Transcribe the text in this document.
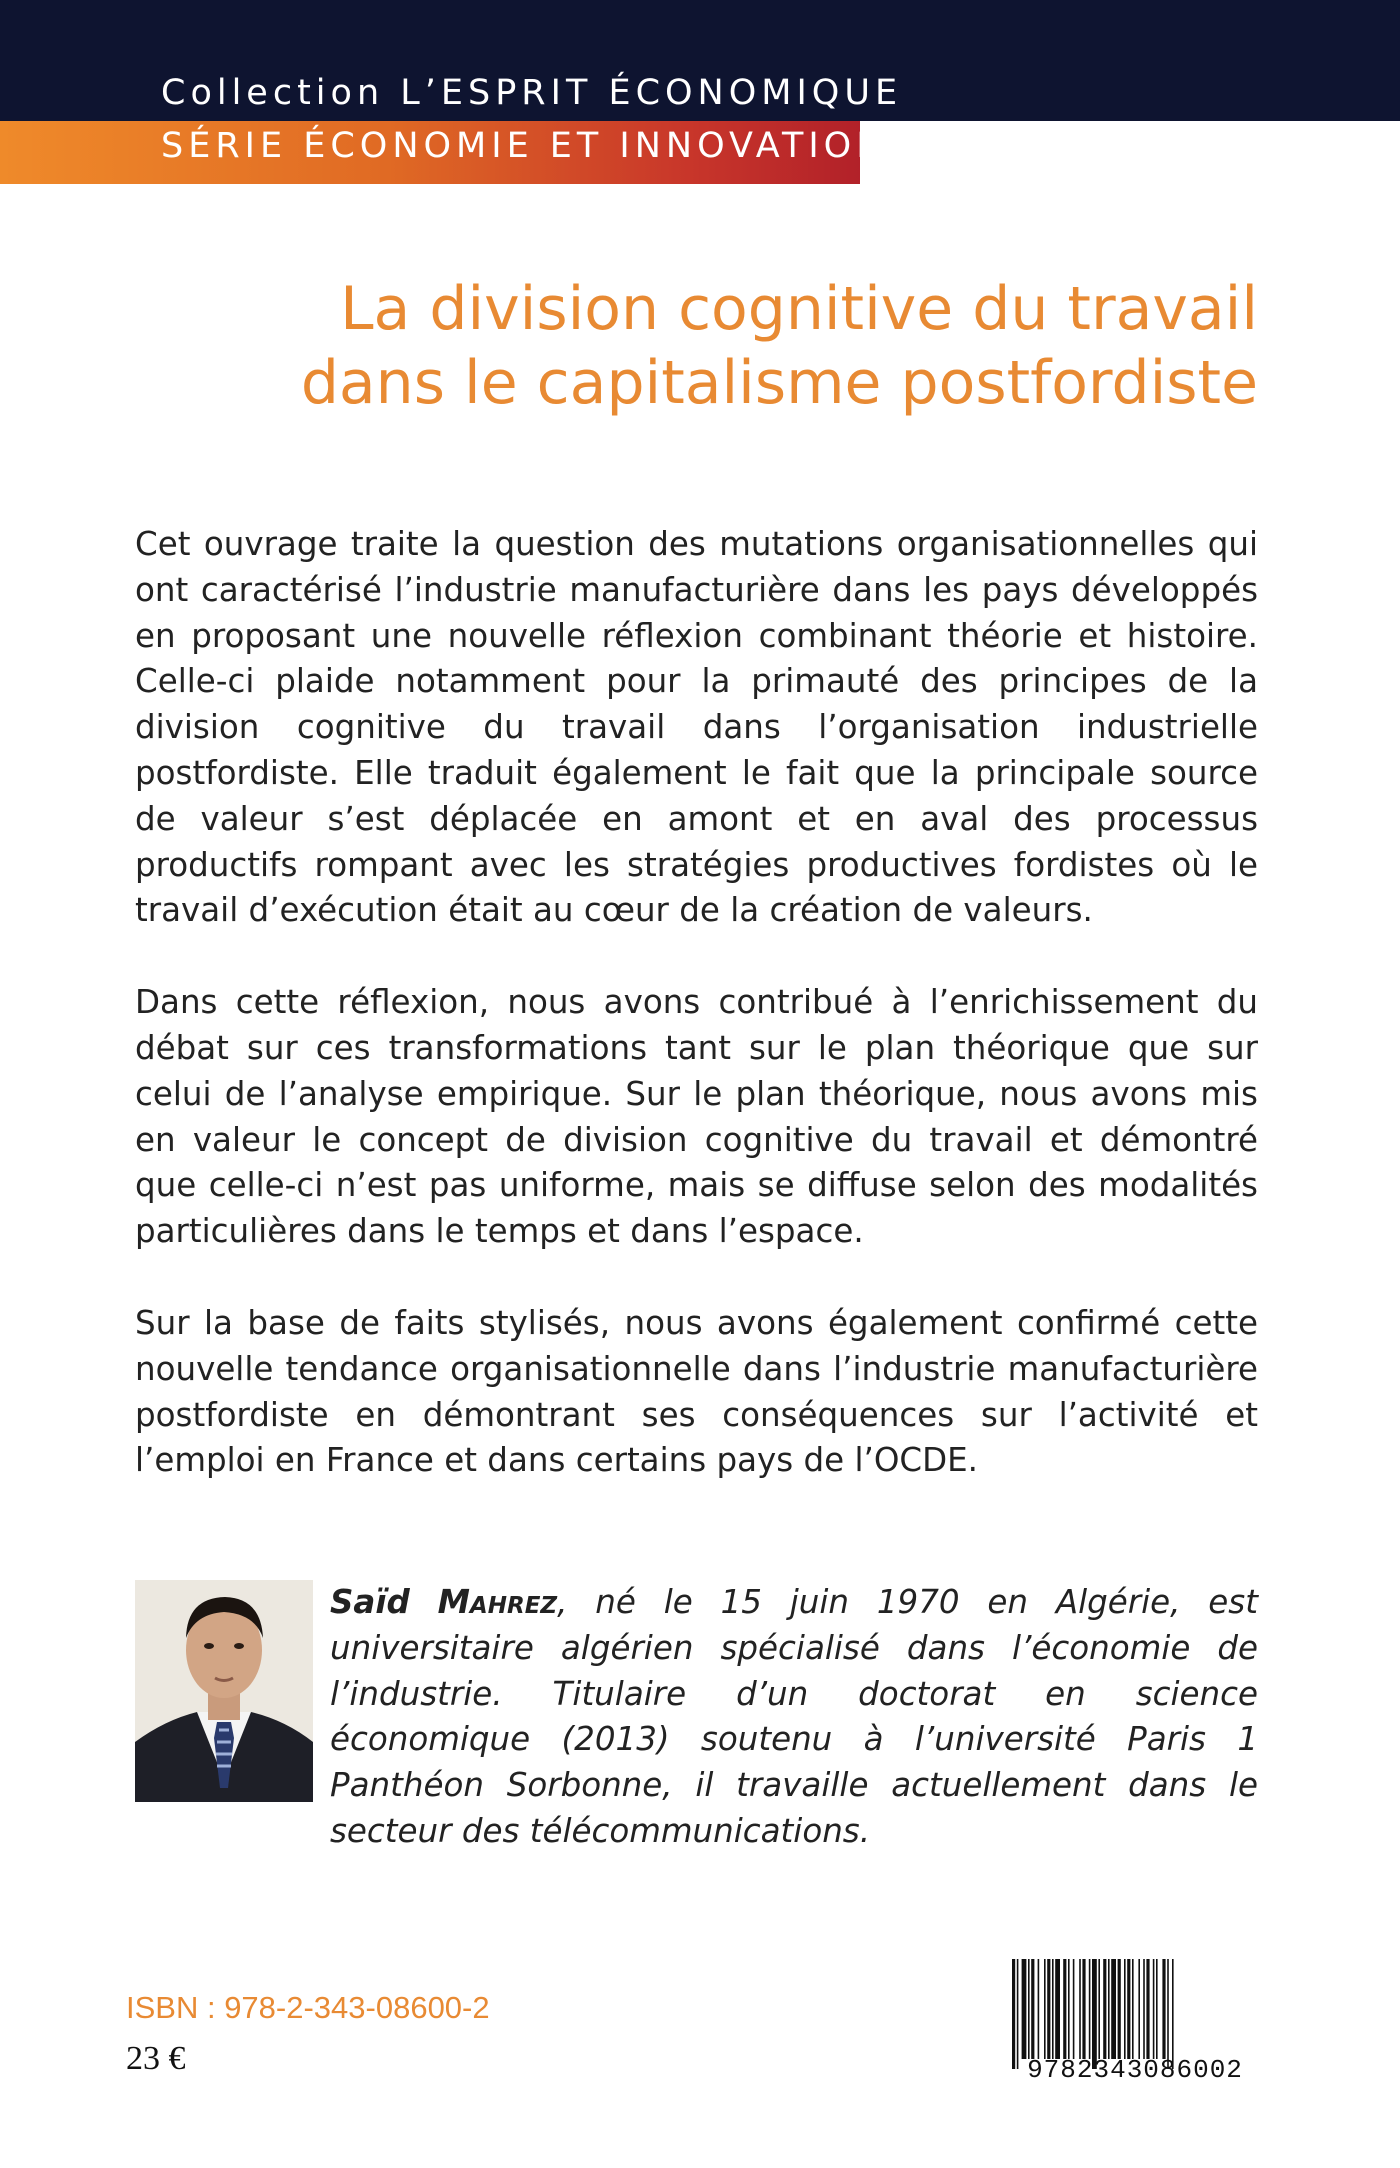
Collection L’ESPRIT ÉCONOMIQUE
SÉRIE ÉCONOMIE ET INNOVATION
La division cognitive du travail
dans le capitalisme postfordiste

Cet ouvrage traite la question des mutations organisationnelles qui ont caractérisé l’industrie manufacturière dans les pays développés en proposant une nouvelle réflexion combinant théorie et histoire. Celle-ci plaide notamment pour la primauté des principes de la division cognitive du travail dans l’organisation industrielle postfordiste. Elle traduit également le fait que la principale source de valeur s’est déplacée en amont et en aval des processus productifs rompant avec les stratégies productives fordistes où le travail d’exécution était au cœur de la création de valeurs.

Dans cette réflexion, nous avons contribué à l’enrichissement du débat sur ces transformations tant sur le plan théorique que sur celui de l’analyse empirique. Sur le plan théorique, nous avons mis en valeur le concept de division cognitive du travail et démontré que celle-ci n’est pas uniforme, mais se diffuse selon des modalités particulières dans le temps et dans l’espace.

Sur la base de faits stylisés, nous avons également confirmé cette nouvelle tendance organisationnelle dans l’industrie manufacturière postfordiste en démontrant ses conséquences sur l’activité et l’emploi en France et dans certains pays de l’OCDE.

Saïd Mahrez, né le 15 juin 1970 en Algérie, est universitaire algérien spécialisé dans l’économie de l’industrie. Titulaire d’un doctorat en science économique (2013) soutenu à l’université Paris 1 Panthéon Sorbonne, il travaille actuellement dans le secteur des télécommunications.
ISBN : 978-2-343-08600-2
23 €	9782343086002
